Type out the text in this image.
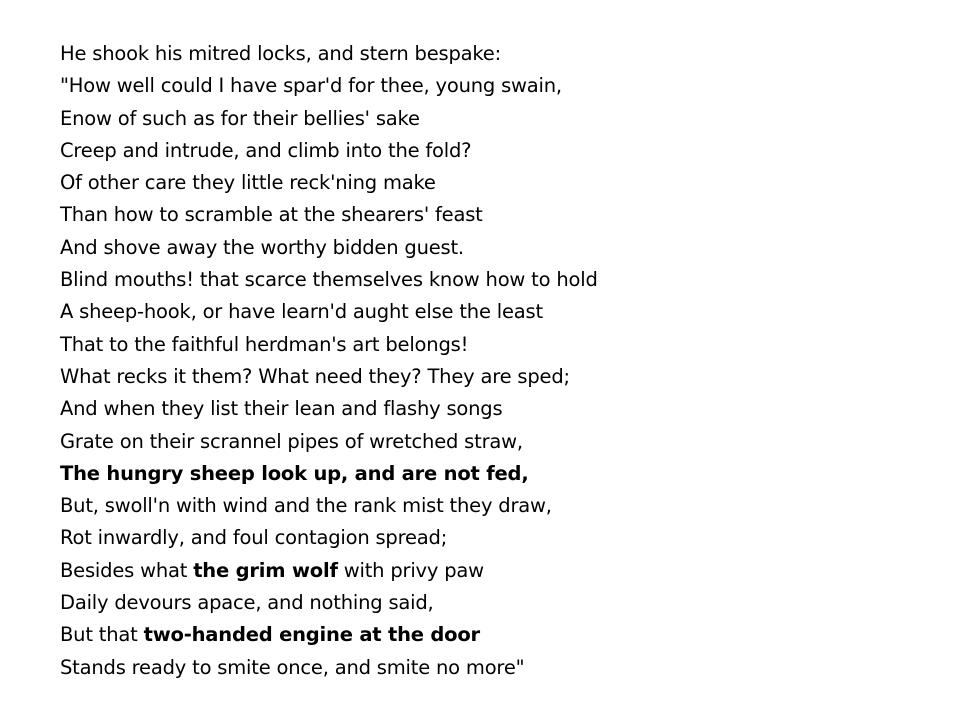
He shook his mitred locks, and stern bespake:
"How well could I have spar'd for thee, young swain,
Enow of such as for their bellies' sake
Creep and intrude, and climb into the fold?
Of other care they little reck'ning make
Than how to scramble at the shearers' feast
And shove away the worthy bidden guest.
Blind mouths! that scarce themselves know how to hold
A sheep-hook, or have learn'd aught else the least
That to the faithful herdman's art belongs!
What recks it them? What need they? They are sped;
And when they list their lean and flashy songs
Grate on their scrannel pipes of wretched straw,
The hungry sheep look up, and are not fed,
But, swoll'n with wind and the rank mist they draw,
Rot inwardly, and foul contagion spread;
Besides what the grim wolf with privy paw
Daily devours apace, and nothing said,
But that two-handed engine at the door
Stands ready to smite once, and smite no more"
